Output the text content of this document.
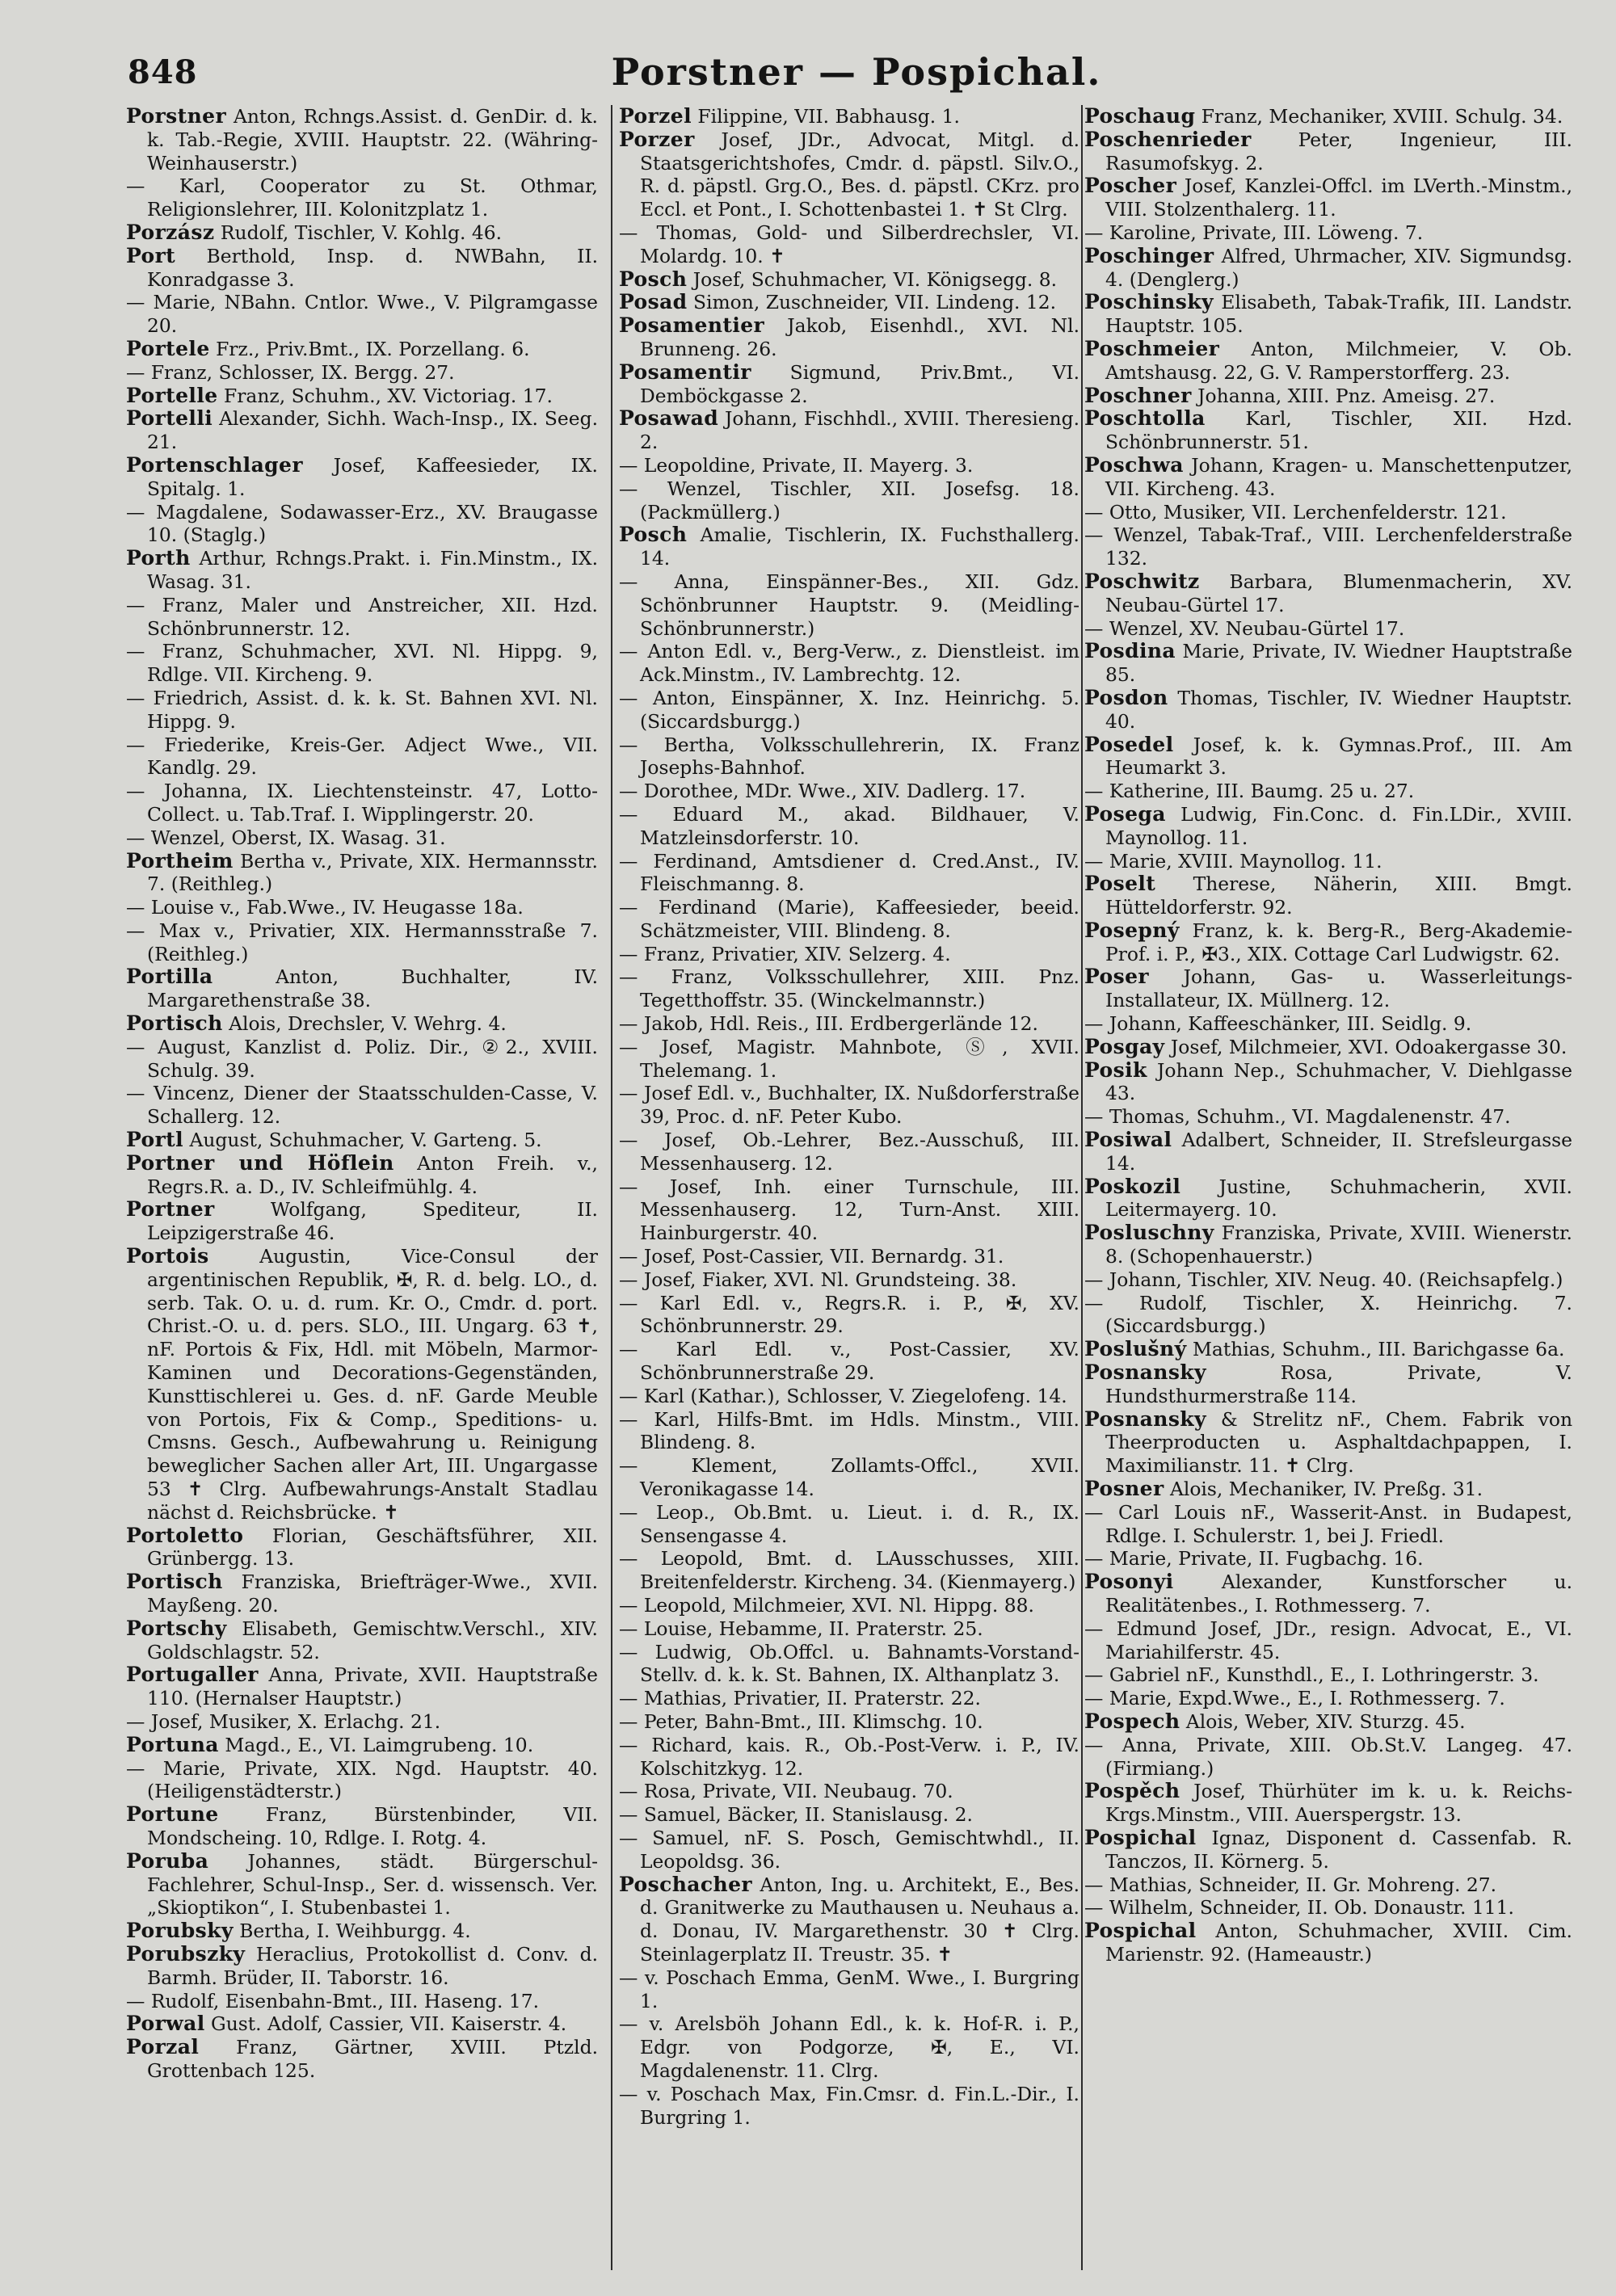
848	Porstner — Pospichal.

Porstner Anton, Rchngs.Assist. d. GenDir. d. k. k. Tab.-Regie, XVIII. Hauptstr. 22. (Währing-Weinhauserstr.)

— Karl, Cooperator zu St. Othmar, Religionslehrer, III. Kolonitzplatz 1.

Porzász Rudolf, Tischler, V. Kohlg. 46.

Port Berthold, Insp. d. NWBahn, II. Konradgasse 3.

— Marie, NBahn. Cntlor. Wwe., V. Pilgramgasse 20.

Portele Frz., Priv.Bmt., IX. Porzellang. 6.

— Franz, Schlosser, IX. Bergg. 27.

Portelle Franz, Schuhm., XV. Victoriag. 17.

Portelli Alexander, Sichh. Wach-Insp., IX. Seeg. 21.

Portenschlager Josef, Kaffeesieder, IX. Spitalg. 1.

— Magdalene, Sodawasser-Erz., XV. Braugasse 10. (Staglg.)

Porth Arthur, Rchngs.Prakt. i. Fin.Minstm., IX. Wasag. 31.

— Franz, Maler und Anstreicher, XII. Hzd. Schönbrunnerstr. 12.

— Franz, Schuhmacher, XVI. Nl. Hippg. 9, Rdlge. VII. Kircheng. 9.

— Friedrich, Assist. d. k. k. St. Bahnen XVI. Nl. Hippg. 9.

— Friederike, Kreis-Ger. Adject Wwe., VII. Kandlg. 29.

— Johanna, IX. Liechtensteinstr. 47, Lotto-Collect. u. Tab.Traf. I. Wipplingerstr. 20.

— Wenzel, Oberst, IX. Wasag. 31.

Portheim Bertha v., Private, XIX. Hermannsstr. 7. (Reithleg.)

— Louise v., Fab.Wwe., IV. Heugasse 18a.

— Max v., Privatier, XIX. Hermannsstraße 7. (Reithleg.)

Portilla	Anton, Buchhalter, IV. Margarethenstraße 38.

Portisch Alois, Drechsler, V. Wehrg. 4.

— August, Kanzlist d. Poliz. Dir., ②2., XVIII. Schulg. 39.

— Vincenz, Diener der Staatsschulden-Casse, V. Schallerg. 12.

Portl August, Schuhmacher, V. Garteng. 5.

Portner und Höflein Anton Freih. v., Regrs.R. a. D., IV. Schleifmühlg. 4.

Portner	Wolfgang, Spediteur, II. Leipzigerstraße 46.

Portois	Augustin, Vice-Consul der argentinischen Republik, ✠, R. d. belg. LO., d. serb. Tak. O. u. d. rum. Kr. O., Cmdr. d. port. Christ.-O. u. d. pers. SLO., III. Ungarg. 63 ✝, nF. Portois & Fix, Hdl. mit Möbeln, Marmor-Kaminen und Decorations-Gegenständen, Kunsttischlerei u. Ges. d. nF. Garde Meuble von Portois, Fix & Comp., Speditions- u. Cmsns. Gesch., Aufbewahrung u. Reinigung beweglicher Sachen aller Art, III. Ungargasse 53 ✝ Clrg. Aufbewahrungs-Anstalt Stadlau nächst d. Reichsbrücke. ✝

Portoletto Florian, Geschäftsführer, XII. Grünbergg. 13.

Portisch Franziska, Briefträger-Wwe., XVII. Mayßeng. 20.

Portschy Elisabeth, Gemischtw.Verschl., XIV. Goldschlagstr. 52.

Portugaller Anna, Private, XVII. Hauptstraße 110. (Hernalser Hauptstr.)

— Josef, Musiker, X. Erlachg. 21.

Portuna Magd., E., VI. Laimgrubeng. 10.

— Marie, Private, XIX. Ngd. Hauptstr. 40. (Heiligenstädterstr.)

Portune Franz, Bürstenbinder, VII. Mondscheing. 10, Rdlge. I. Rotg. 4.

Poruba Johannes, städt. Bürgerschul-Fachlehrer, Schul-Insp., Ser. d. wissensch. Ver. „Skioptikon“, I. Stubenbastei 1.

Porubsky Bertha, I. Weihburgg. 4.

Porubszky Heraclius, Protokollist d. Conv. d. Barmh. Brüder, II. Taborstr. 16.

— Rudolf, Eisenbahn-Bmt., III. Haseng. 17.

Porwal Gust. Adolf, Cassier, VII. Kaiserstr. 4.

Porzal Franz, Gärtner, XVIII. Ptzld. Grottenbach 125.

Porzel Filippine, VII. Babhausg. 1.

Porzer Josef, JDr., Advocat, Mitgl. d. Staatsgerichtshofes, Cmdr. d. päpstl. Silv.O., R. d. päpstl. Grg.O., Bes. d. päpstl. CKrz. pro Eccl. et Pont., I. Schottenbastei 1. ✝ St Clrg.

— Thomas, Gold- und Silberdrechsler, VI. Molardg. 10. ✝

Posch Josef, Schuhmacher, VI. Königsegg. 8.

Posad Simon, Zuschneider, VII. Lindeng. 12.

Posamentier Jakob, Eisenhdl., XVI. Nl. Brunneng. 26.

Posamentir Sigmund, Priv.Bmt., VI. Demböckgasse 2.

Posawad Johann, Fischhdl., XVIII. Theresieng. 2.

— Leopoldine, Private, II. Mayerg. 3.

— Wenzel, Tischler, XII. Josefsg. 18. (Packmüllerg.)

Posch Amalie, Tischlerin, IX. Fuchsthallerg. 14.

— Anna, Einspänner-Bes., XII. Gdz. Schönbrunner Hauptstr. 9. (Meidling-Schönbrunnerstr.)

— Anton Edl. v., Berg-Verw., z. Dienstleist. im Ack.Minstm., IV. Lambrechtg. 12.

— Anton, Einspänner, X. Inz. Heinrichg. 5. (Siccardsburgg.)

— Bertha, Volksschullehrerin, IX. Franz Josephs-Bahnhof.

— Dorothee, MDr. Wwe., XIV. Dadlerg. 17.

— Eduard M., akad. Bildhauer, V. Matzleinsdorferstr. 10.

— Ferdinand, Amtsdiener d. Cred.Anst., IV. Fleischmanng. 8.

— Ferdinand (Marie), Kaffeesieder, beeid. Schätzmeister, VIII. Blindeng. 8.

— Franz, Privatier, XIV. Selzerg. 4.

— Franz, Volksschullehrer, XIII. Pnz. Tegetthoffstr. 35. (Winckelmannstr.)

— Jakob, Hdl. Reis., III. Erdbergerlände 12.

— Josef, Magistr. Mahnbote, Ⓢ, XVII. Thelemang. 1.

— Josef Edl. v., Buchhalter, IX. Nußdorferstraße 39, Proc. d. nF. Peter Kubo.

— Josef, Ob.-Lehrer, Bez.-Ausschuß, III. Messenhauserg. 12.

— Josef, Inh. einer Turnschule, III. Messenhauserg. 12, Turn-Anst. XIII. Hainburgerstr. 40.

— Josef, Post-Cassier, VII. Bernardg. 31.

— Josef, Fiaker, XVI. Nl. Grundsteing. 38.

— Karl Edl. v., Regrs.R. i. P., ✠, XV. Schönbrunnerstr. 29.

— Karl Edl. v., Post-Cassier, XV. Schönbrunnerstraße 29.

— Karl (Kathar.), Schlosser, V. Ziegelofeng. 14.

— Karl, Hilfs-Bmt. im Hdls. Minstm., VIII. Blindeng. 8.

— Klement, Zollamts-Offcl., XVII. Veronikagasse 14.

— Leop., Ob.Bmt. u. Lieut. i. d. R., IX. Sensengasse 4.

— Leopold, Bmt. d. LAusschusses, XIII. Breitenfelderstr. Kircheng. 34. (Kienmayerg.)

— Leopold, Milchmeier, XVI. Nl. Hippg. 88.

— Louise, Hebamme, II. Praterstr. 25.

— Ludwig, Ob.Offcl. u. Bahnamts-Vorstand-Stellv. d. k. k. St. Bahnen, IX. Althanplatz 3.

— Mathias, Privatier, II. Praterstr. 22.

— Peter, Bahn-Bmt., III. Klimschg. 10.

— Richard, kais. R., Ob.-Post-Verw. i. P., IV. Kolschitzkyg. 12.

— Rosa, Private, VII. Neubaug. 70.

— Samuel, Bäcker, II. Stanislausg. 2.

— Samuel, nF. S. Posch, Gemischtwhdl., II. Leopoldsg. 36.

Poschacher Anton, Ing. u. Architekt, E., Bes. d. Granitwerke zu Mauthausen u. Neuhaus a. d. Donau, IV. Margarethenstr. 30 ✝ Clrg. Steinlagerplatz II. Treustr. 35. ✝

— v. Poschach Emma, GenM. Wwe., I. Burgring 1.

— v. Arelsböh Johann Edl., k. k. Hof-R. i. P., Edgr. von Podgorze, ✠, E., VI. Magdalenenstr. 11. Clrg.

— v. Poschach Max, Fin.Cmsr. d. Fin.L.-Dir., I. Burgring 1.

Poschaug Franz, Mechaniker, XVIII. Schulg. 34.

Poschenrieder Peter, Ingenieur, III. Rasumofskyg. 2.

Poscher Josef, Kanzlei-Offcl. im LVerth.-Minstm., VIII. Stolzenthalerg. 11.

— Karoline, Private, III. Löweng. 7.

Poschinger Alfred, Uhrmacher, XIV. Sigmundsg. 4. (Denglerg.)

Poschinsky Elisabeth, Tabak-Trafik, III. Landstr. Hauptstr. 105.

Poschmeier Anton, Milchmeier, V. Ob. Amtshausg. 22, G. V. Ramperstorfferg. 23.

Poschner Johanna, XIII. Pnz. Ameisg. 27.

Poschtolla Karl, Tischler, XII. Hzd. Schönbrunnerstr. 51.

Poschwa Johann, Kragen- u. Manschettenputzer, VII. Kircheng. 43.

— Otto, Musiker, VII. Lerchenfelderstr. 121.

— Wenzel, Tabak-Traf., VIII. Lerchenfelderstraße 132.

Poschwitz Barbara, Blumenmacherin, XV. Neubau-Gürtel 17.

— Wenzel, XV. Neubau-Gürtel 17.

Posdina Marie, Private, IV. Wiedner Hauptstraße 85.

Posdon Thomas, Tischler, IV. Wiedner Hauptstr. 40.

Posedel Josef, k. k. Gymnas.Prof., III. Am Heumarkt 3.

— Katherine, III. Baumg. 25 u. 27.

Posega Ludwig, Fin.Conc. d. Fin.LDir., XVIII. Maynollog. 11.

— Marie, XVIII. Maynollog. 11.

Poselt Therese, Näherin, XIII. Bmgt. Hütteldorferstr. 92.

Posepný Franz, k. k. Berg-R., Berg-Akademie-Prof. i. P., ✠3., XIX. Cottage Carl Ludwigstr. 62.

Poser Johann, Gas- u. Wasserleitungs-Installateur, IX. Müllnerg. 12.

— Johann, Kaffeeschänker, III. Seidlg. 9.

Posgay Josef, Milchmeier, XVI. Odoakergasse 30.

Posik Johann Nep., Schuhmacher, V. Diehlgasse 43.

— Thomas, Schuhm., VI. Magdalenenstr. 47.

Posiwal Adalbert, Schneider, II. Strefsleurgasse 14.

Poskozil Justine, Schuhmacherin, XVII. Leitermayerg. 10.

Posluschny Franziska, Private, XVIII. Wienerstr. 8. (Schopenhauerstr.)

— Johann, Tischler, XIV. Neug. 40. (Reichsapfelg.)

— Rudolf, Tischler, X. Heinrichg. 7. (Siccardsburgg.)

Poslušný Mathias, Schuhm., III. Barichgasse 6a.

Posnansky	Rosa, Private, V. Hundsthurmerstraße 114.

Posnansky & Strelitz nF., Chem. Fabrik von Theerproducten u. Asphaltdachpappen, I. Maximilianstr. 11. ✝ Clrg.

Posner Alois, Mechaniker, IV. Preßg. 31.

— Carl Louis nF., Wasserit-Anst. in Budapest, Rdlge. I. Schulerstr. 1, bei J. Friedl.

— Marie, Private, II. Fugbachg. 16.

Posonyi	Alexander, Kunstforscher u. Realitätenbes., I. Rothmesserg. 7.

— Edmund Josef, JDr., resign. Advocat, E., VI. Mariahilferstr. 45.

— Gabriel nF., Kunsthdl., E., I. Lothringerstr. 3.

— Marie, Expd.Wwe., E., I. Rothmesserg. 7.

Pospech Alois, Weber, XIV. Sturzg. 45.

— Anna, Private, XIII. Ob.St.V. Langeg. 47. (Firmiang.)

Pospěch Josef, Thürhüter im k. u. k. Reichs-Krgs.Minstm., VIII. Auerspergstr. 13.

Pospichal Ignaz, Disponent d. Cassenfab. R. Tanczos, II. Körnerg. 5.

— Mathias, Schneider, II. Gr. Mohreng. 27.

— Wilhelm, Schneider, II. Ob. Donaustr. 111.

Pospichal Anton, Schuhmacher, XVIII. Cim. Marienstr. 92. (Hameaustr.)
